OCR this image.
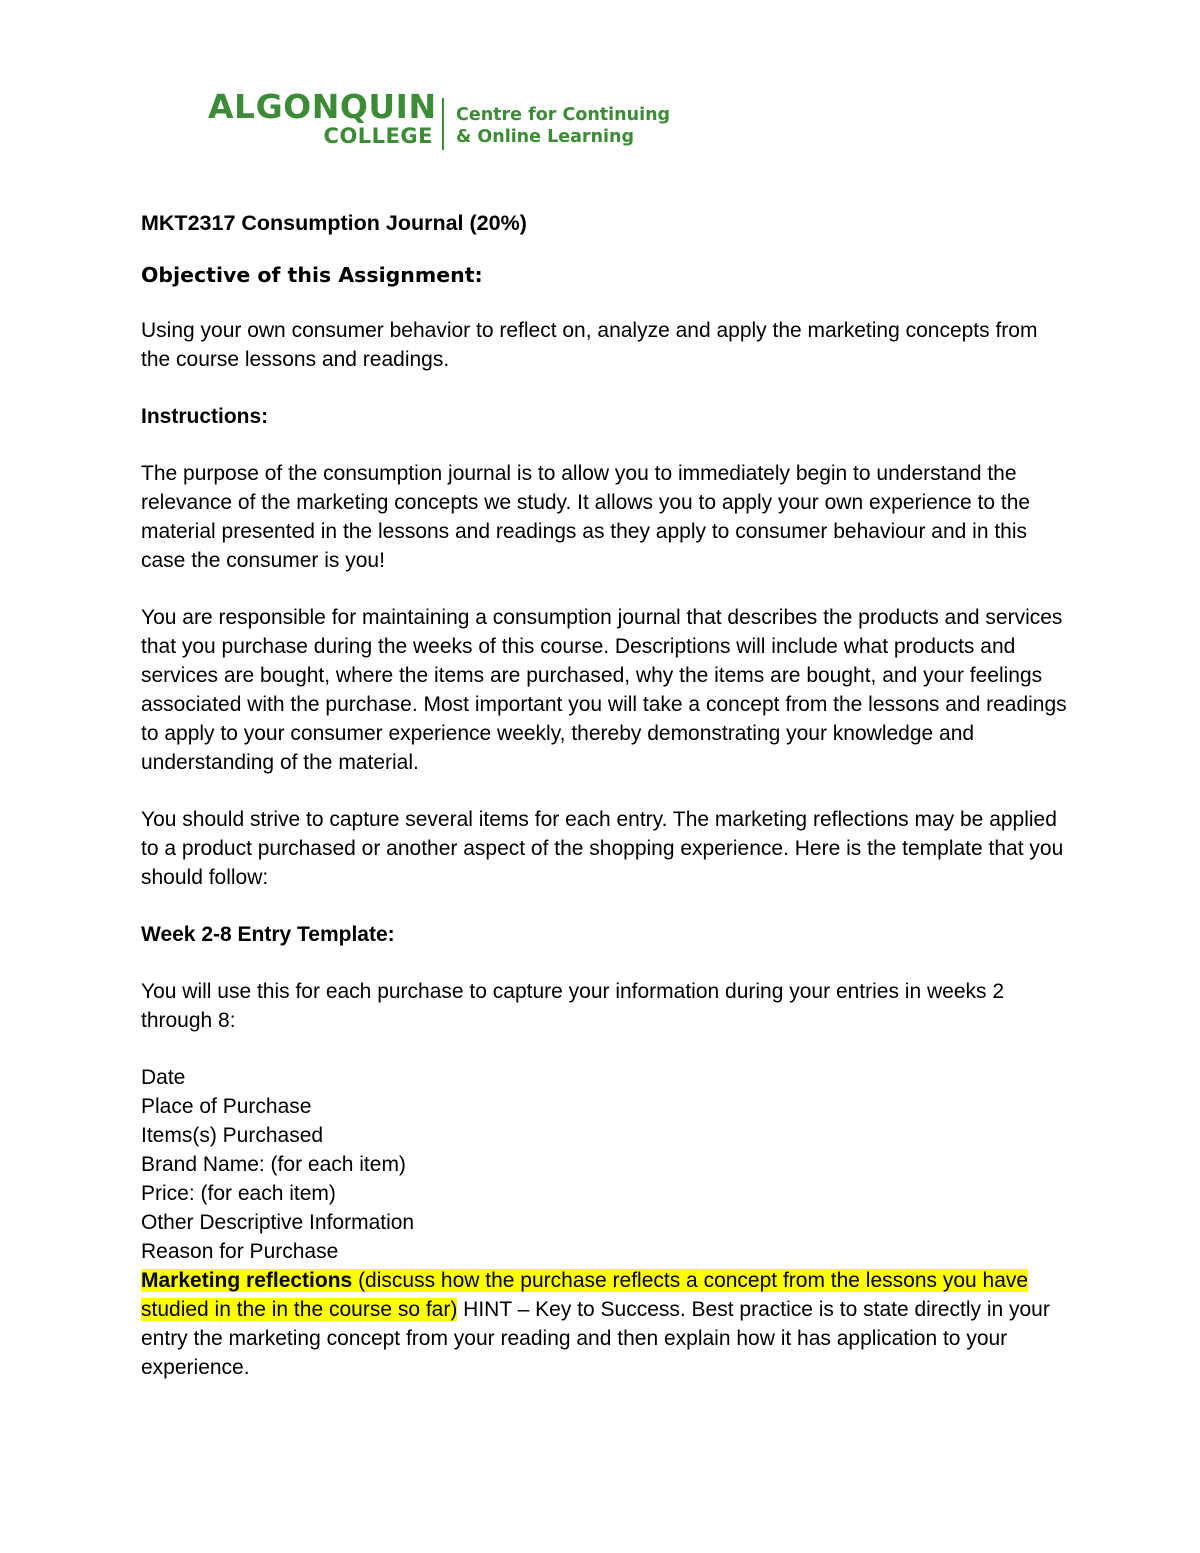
ALGONQUIN
COLLEGE
Centre for Continuing
& Online Learning
MKT2317 Consumption Journal (20%)
Objective of this Assignment:

Using your own consumer behavior to reflect on, analyze and apply the marketing concepts from the course lessons and readings.

Instructions:

The purpose of the consumption journal is to allow you to immediately begin to understand the relevance of the marketing concepts we study. It allows you to apply your own experience to the material presented in the lessons and readings as they apply to consumer behaviour and in this case the consumer is you!

You are responsible for maintaining a consumption journal that describes the products and services that you purchase during the weeks of this course. Descriptions will include what products and services are bought, where the items are purchased, why the items are bought, and your feelings associated with the purchase. Most important you will take a concept from the lessons and readings to apply to your consumer experience weekly, thereby demonstrating your knowledge and understanding of the material.

You should strive to capture several items for each entry. The marketing reflections may be applied to a product purchased or another aspect of the shopping experience. Here is the template that you should follow:

Week 2-8 Entry Template:

You will use this for each purchase to capture your information during your entries in weeks 2 through 8:

Date
Place of Purchase
Items(s) Purchased
Brand Name: (for each item)
Price: (for each item)
Other Descriptive Information
Reason for Purchase
Marketing reflections (discuss how the purchase reflects a concept from the lessons you have studied in the in the course so far) HINT – Key to Success. Best practice is to state directly in your entry the marketing concept from your reading and then explain how it has application to your experience.
